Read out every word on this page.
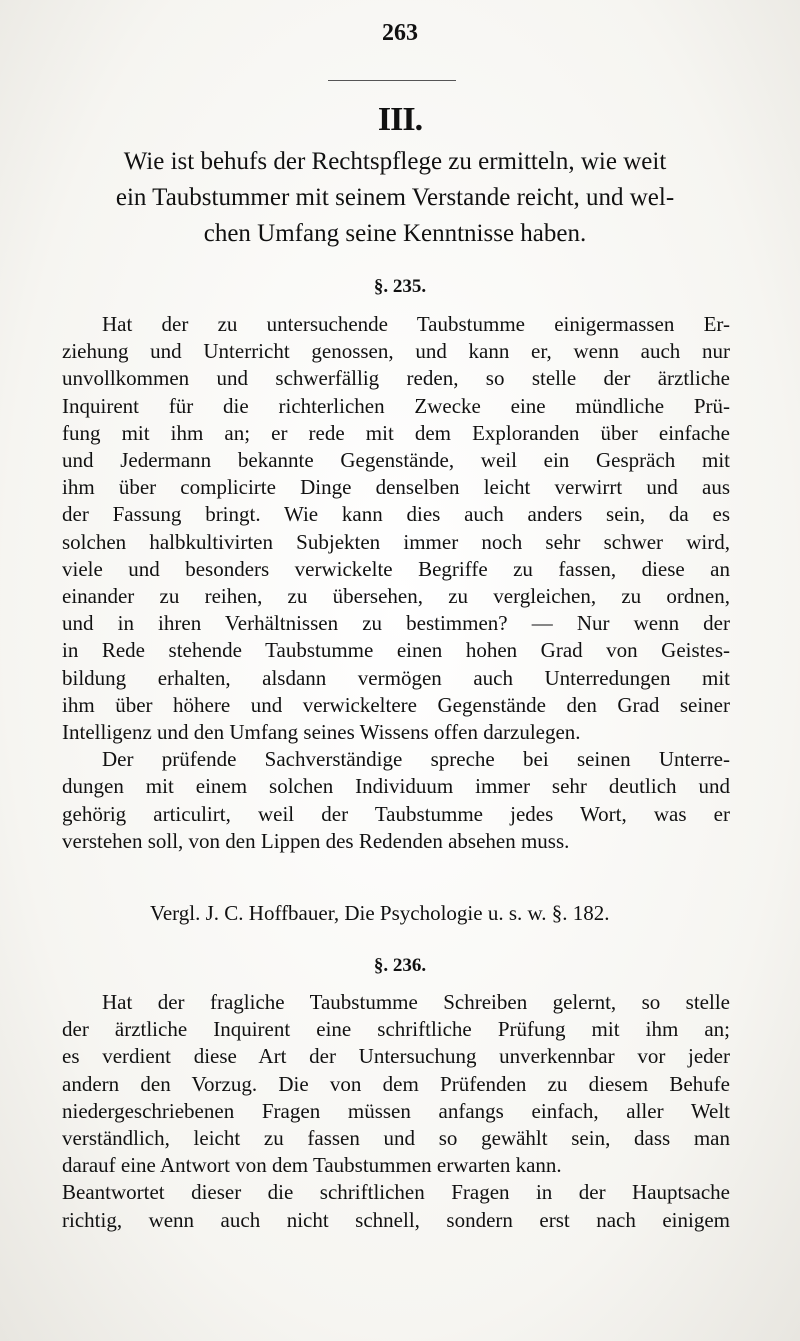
263
III.
Wie ist behufs der Rechtspflege zu ermitteln, wie weit
ein Taubstummer mit seinem Verstande reicht, und wel-
chen Umfang seine Kenntnisse haben.
§. 235.
Hat der zu untersuchende Taubstumme einigermassen Er-
ziehung und Unterricht genossen, und kann er, wenn auch nur
unvollkommen und schwerfällig reden, so stelle der ärztliche
Inquirent für die richterlichen Zwecke eine mündliche Prü-
fung mit ihm an; er rede mit dem Exploranden über einfache
und Jedermann bekannte Gegenstände, weil ein Gespräch mit
ihm über complicirte Dinge denselben leicht verwirrt und aus
der Fassung bringt. Wie kann dies auch anders sein, da es
solchen halbkultivirten Subjekten immer noch sehr schwer wird,
viele und besonders verwickelte Begriffe zu fassen, diese an
einander zu reihen, zu übersehen, zu vergleichen, zu ordnen,
und in ihren Verhältnissen zu bestimmen? — Nur wenn der
in Rede stehende Taubstumme einen hohen Grad von Geistes-
bildung erhalten, alsdann vermögen auch Unterredungen mit
ihm über höhere und verwickeltere Gegenstände den Grad seiner
Intelligenz und den Umfang seines Wissens offen darzulegen.
Der prüfende Sachverständige spreche bei seinen Unterre-
dungen mit einem solchen Individuum immer sehr deutlich und
gehörig articulirt, weil der Taubstumme jedes Wort, was er
verstehen soll, von den Lippen des Redenden absehen muss.
Vergl. J. C. Hoffbauer, Die Psychologie u. s. w. §. 182.
§. 236.
Hat der fragliche Taubstumme Schreiben gelernt, so stelle
der ärztliche Inquirent eine schriftliche Prüfung mit ihm an;
es verdient diese Art der Untersuchung unverkennbar vor jeder
andern den Vorzug. Die von dem Prüfenden zu diesem Behufe
niedergeschriebenen Fragen müssen anfangs einfach, aller Welt
verständlich, leicht zu fassen und so gewählt sein, dass man
darauf eine Antwort von dem Taubstummen erwarten kann.
Beantwortet dieser die schriftlichen Fragen in der Hauptsache
richtig, wenn auch nicht schnell, sondern erst nach einigem
